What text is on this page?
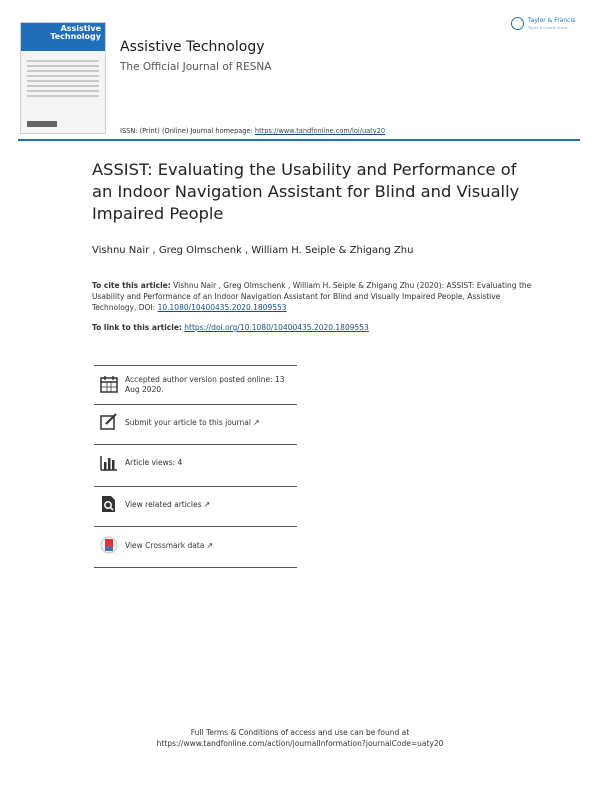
Assistive Technology
Assistive Technology
The Official Journal of RESNA
ISSN: (Print) (Online) Journal homepage: https://www.tandfonline.com/loi/uaty20
Taylor & Francis
Taylor & Francis Group
ASSIST: Evaluating the Usability and Performance of an Indoor Navigation Assistant for Blind and Visually Impaired People
Vishnu Nair , Greg Olmschenk , William H. Seiple & Zhigang Zhu
To cite this article: Vishnu Nair , Greg Olmschenk , William H. Seiple & Zhigang Zhu (2020): ASSIST: Evaluating the Usability and Performance of an Indoor Navigation Assistant for Blind and Visually Impaired People, Assistive Technology, DOI: 10.1080/10400435.2020.1809553
To link to this article: https://doi.org/10.1080/10400435.2020.1809553
Accepted author version posted online: 13 Aug 2020.
Submit your article to this journal ↗
Article views: 4
View related articles ↗
View Crossmark data ↗
Full Terms & Conditions of access and use can be found at
https://www.tandfonline.com/action/journalInformation?journalCode=uaty20
